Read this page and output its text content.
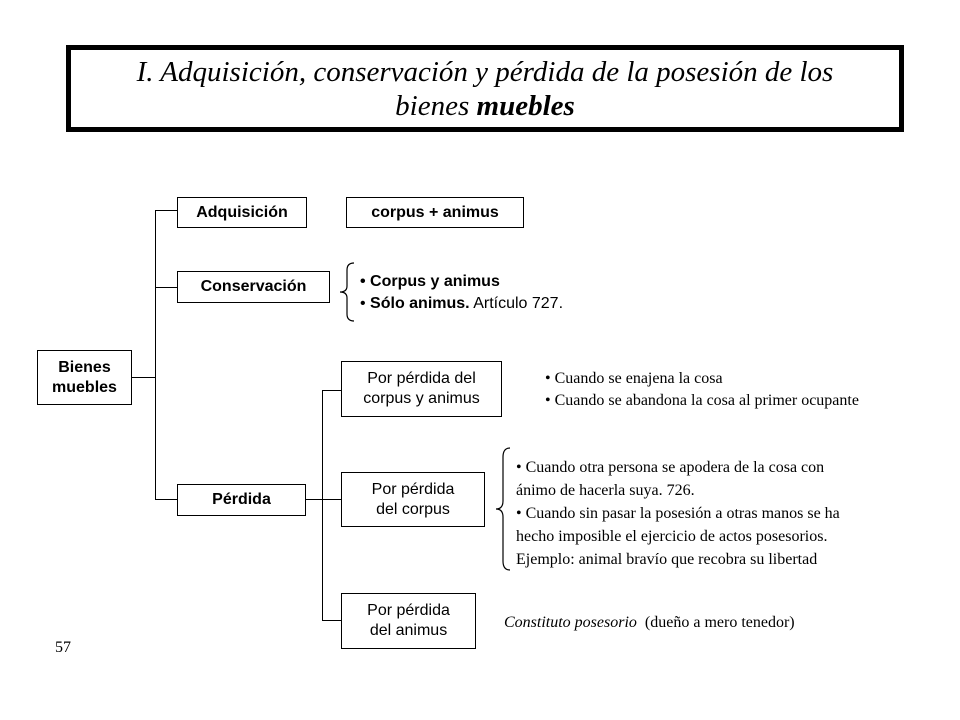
I. Adquisición, conservación y pérdida de la posesión de los
bienes muebles
Bienes
muebles
Adquisición	corpus + animus
Conservación
•	Corpus y animus
• Sólo animus. Artículo 727.
Pérdida
Por pérdida del
corpus y animus
• Cuando se enajena la cosa
• Cuando se abandona la cosa al primer ocupante
Por pérdida
del corpus
• Cuando otra persona se apodera de la cosa con
ánimo de hacerla suya. 726.
• Cuando sin pasar la posesión a otras manos se ha
hecho imposible el ejercicio de actos posesorios.
Ejemplo: animal bravío que recobra su libertad
Por pérdida
del animus	Constituto posesorio  (dueño a mero tenedor)
57
